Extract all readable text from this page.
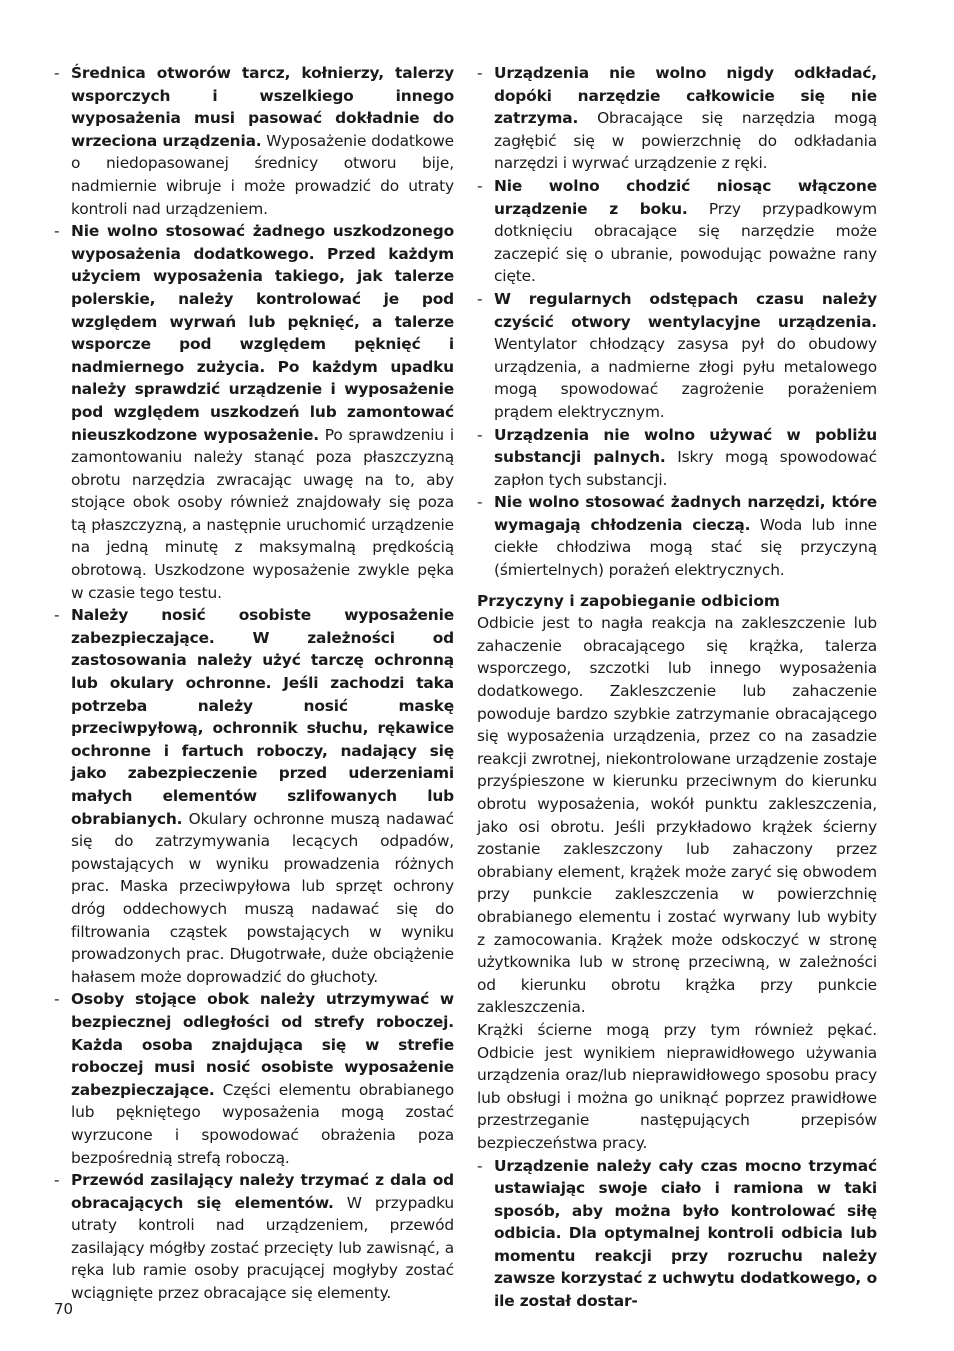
- Średnica otworów tarcz, kołnierzy, talerzy wsporczych i wszelkiego innego wyposażenia musi pasować dokładnie do wrzeciona urządzenia. Wyposażenie dodatkowe o niedopasowanej średnicy otworu bije, nadmiernie wibruje i może prowadzić do utraty kontroli nad urządzeniem.
- Nie wolno stosować żadnego uszkodzonego wyposażenia dodatkowego. Przed każdym użyciem wyposażenia takiego, jak talerze polerskie, należy kontrolować je pod względem wyrwań lub pęknięć, a talerze wsporcze pod względem pęknięć i nadmiernego zużycia. Po każdym upadku należy sprawdzić urządzenie i wyposażenie pod względem uszkodzeń lub zamontować nieuszkodzone wyposażenie. Po sprawdzeniu i zamontowaniu należy stanąć poza płaszczyzną obrotu narzędzia zwracając uwagę na to, aby stojące obok osoby również znajdowały się poza tą płaszczyzną, a następnie uruchomić urządzenie na jedną minutę z maksymalną prędkością obrotową. Uszkodzone wyposażenie zwykle pęka w czasie tego testu.
- Należy nosić osobiste wyposażenie zabezpieczające. W zależności od zastosowania należy użyć tarczę ochronną lub okulary ochronne. Jeśli zachodzi taka potrzeba należy nosić maskę przeciwpyłową, ochronnik słuchu, rękawice ochronne i fartuch roboczy, nadający się jako zabezpieczenie przed uderzeniami małych elementów szlifowanych lub obrabianych. Okulary ochronne muszą nadawać się do zatrzymywania lecących odpadów, powstających w wyniku prowadzenia różnych prac. Maska przeciwpyłowa lub sprzęt ochrony dróg oddechowych muszą nadawać się do filtrowania cząstek powstających w wyniku prowadzonych prac. Długotrwałe, duże obciążenie hałasem może doprowadzić do głuchoty.
- Osoby stojące obok należy utrzymywać w bezpiecznej odległości od strefy roboczej. Każda osoba znajdująca się w strefie roboczej musi nosić osobiste wyposażenie zabezpieczające. Części elementu obrabianego lub pękniętego wyposażenia mogą zostać wyrzucone i spowodować obrażenia poza bezpośrednią strefą roboczą.
- Przewód zasilający należy trzymać z dala od obracających się elementów. W przypadku utraty kontroli nad urządzeniem, przewód zasilający mógłby zostać przecięty lub zawisnąć, a ręka lub ramie osoby pracującej mogłyby zostać wciągnięte przez obracające się elementy.
- Urządzenia nie wolno nigdy odkładać, dopóki narzędzie całkowicie się nie zatrzyma. Obracające się narzędzia mogą zagłębić się w powierzchnię do odkładania narzędzi i wyrwać urządzenie z ręki.
- Nie wolno chodzić niosąc włączone urządzenie z boku. Przy przypadkowym dotknięciu obracające się narzędzie może zaczepić się o ubranie, powodując poważne rany cięte.
- W regularnych odstępach czasu należy czyścić otwory wentylacyjne urządzenia. Wentylator chłodzący zasysa pył do obudowy urządzenia, a nadmierne złogi pyłu metalowego mogą spowodować zagrożenie porażeniem prądem elektrycznym.
- Urządzenia nie wolno używać w pobliżu substancji palnych. Iskry mogą spowodować zapłon tych substancji.
- Nie wolno stosować żadnych narzędzi, które wymagają chłodzenia cieczą. Woda lub inne ciekłe chłodziwa mogą stać się przyczyną (śmiertelnych) porażeń elektrycznych.
Przyczyny i zapobieganie odbiciom
Odbicie jest to nagła reakcja na zakleszczenie lub zahaczenie obracającego się krążka, talerza wsporczego, szczotki lub innego wyposażenia dodatkowego. Zakleszczenie lub zahaczenie powoduje bardzo szybkie zatrzymanie obracającego się wyposażenia urządzenia, przez co na zasadzie reakcji zwrotnej, niekontrolowane urządzenie zostaje przyśpieszone w kierunku przeciwnym do kierunku obrotu wyposażenia, wokół punktu zakleszczenia, jako osi obrotu. Jeśli przykładowo krążek ścierny zostanie zakleszczony lub zahaczony przez obrabiany element, krążek może zaryć się obwodem przy punkcie zakleszczenia w powierzchnię obrabianego elementu i zostać wyrwany lub wybity z zamocowania. Krążek może odskoczyć w stronę użytkownika lub w stronę przeciwną, w zależności od kierunku obrotu krążka przy punkcie zakleszczenia.
Krążki ścierne mogą przy tym również pękać. Odbicie jest wynikiem nieprawidłowego używania urządzenia oraz/lub nieprawidłowego sposobu pracy lub obsługi i można go uniknąć poprzez prawidłowe przestrzeganie następujących przepisów bezpieczeństwa pracy.
- Urządzenie należy cały czas mocno trzymać ustawiając swoje ciało i ramiona w taki sposób, aby można było kontrolować siłę odbicia. Dla optymalnej kontroli odbicia lub momentu reakcji przy rozruchu należy zawsze korzystać z uchwytu dodatkowego, o ile został dostar-
70
